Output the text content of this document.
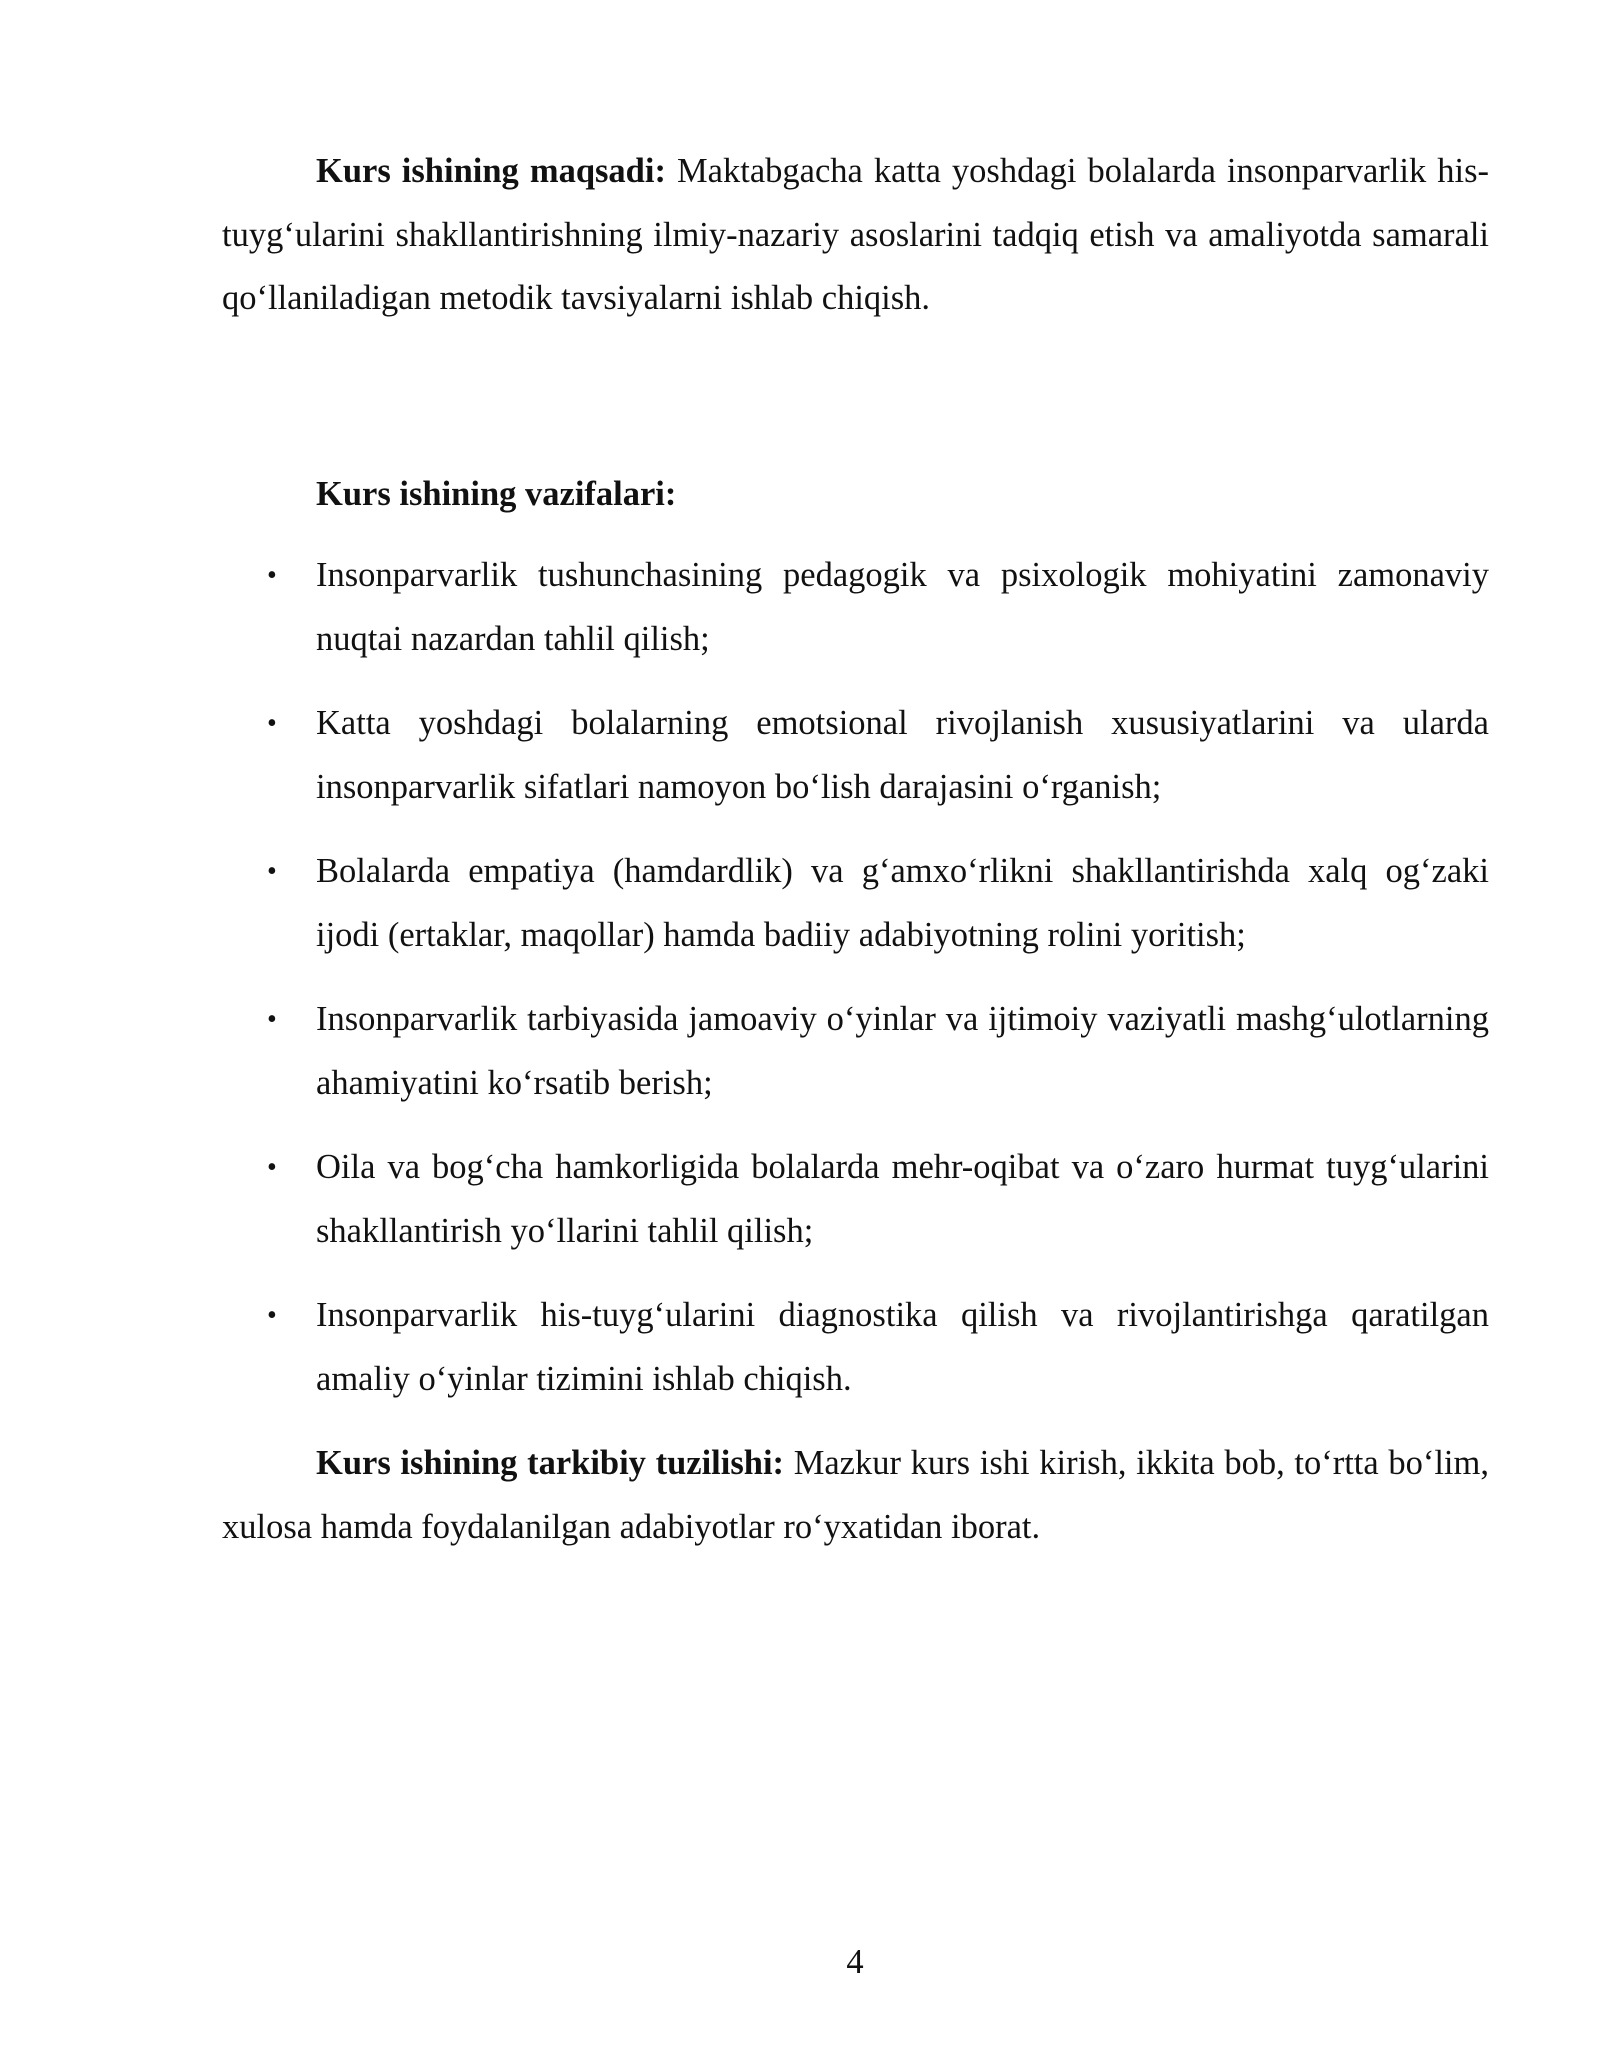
Kurs ishining maqsadi: Maktabgacha katta yoshdagi bolalarda insonparvarlik his-tuyg‘ularini shakllantirishning ilmiy-nazariy asoslarini tadqiq etish va amaliyotda samarali qo‘llaniladigan metodik tavsiyalarni ishlab chiqish.

Kurs ishining vazifalari:

• Insonparvarlik tushunchasining pedagogik va psixologik mohiyatini zamonaviy nuqtai nazardan tahlil qilish;
• Katta yoshdagi bolalarning emotsional rivojlanish xususiyatlarini va ularda insonparvarlik sifatlari namoyon bo‘lish darajasini o‘rganish;
• Bolalarda empatiya (hamdardlik) va g‘amxo‘rlikni shakllantirishda xalq og‘zaki ijodi (ertaklar, maqollar) hamda badiiy adabiyotning rolini yoritish;
• Insonparvarlik tarbiyasida jamoaviy o‘yinlar va ijtimoiy vaziyatli mashg‘ulotlarning ahamiyatini ko‘rsatib berish;
• Oila va bog‘cha hamkorligida bolalarda mehr-oqibat va o‘zaro hurmat tuyg‘ularini shakllantirish yo‘llarini tahlil qilish;
• Insonparvarlik his-tuyg‘ularini diagnostika qilish va rivojlantirishga qaratilgan amaliy o‘yinlar tizimini ishlab chiqish.

Kurs ishining tarkibiy tuzilishi: Mazkur kurs ishi kirish, ikkita bob, to‘rtta bo‘lim, xulosa hamda foydalanilgan adabiyotlar ro‘yxatidan iborat.

4
